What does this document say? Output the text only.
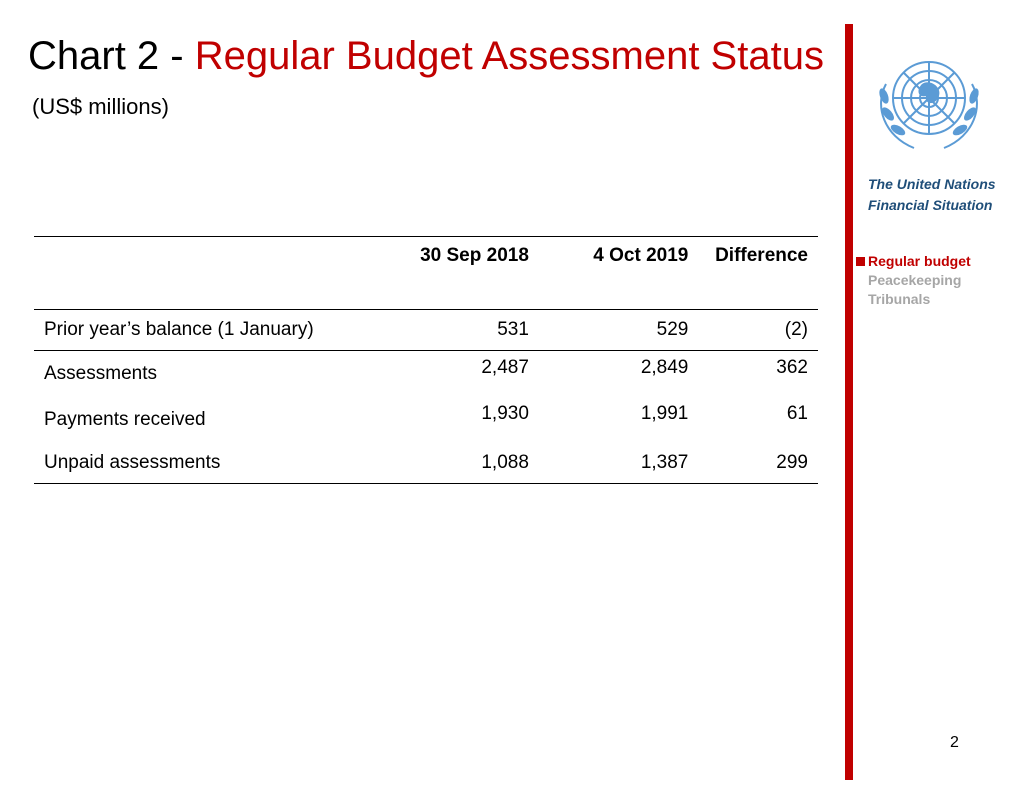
Chart 2 - Regular Budget Assessment Status
(US$ millions)
The United Nations
Financial Situation
Regular budget
Peacekeeping
Tribunals
	30 Sep 2018	4 Oct 2019	Difference
Prior year’s balance (1 January)	531	529	(2)
Assessments	2,487	2,849	362
Payments received	1,930	1,991	61
Unpaid assessments	1,088	1,387	299
2
